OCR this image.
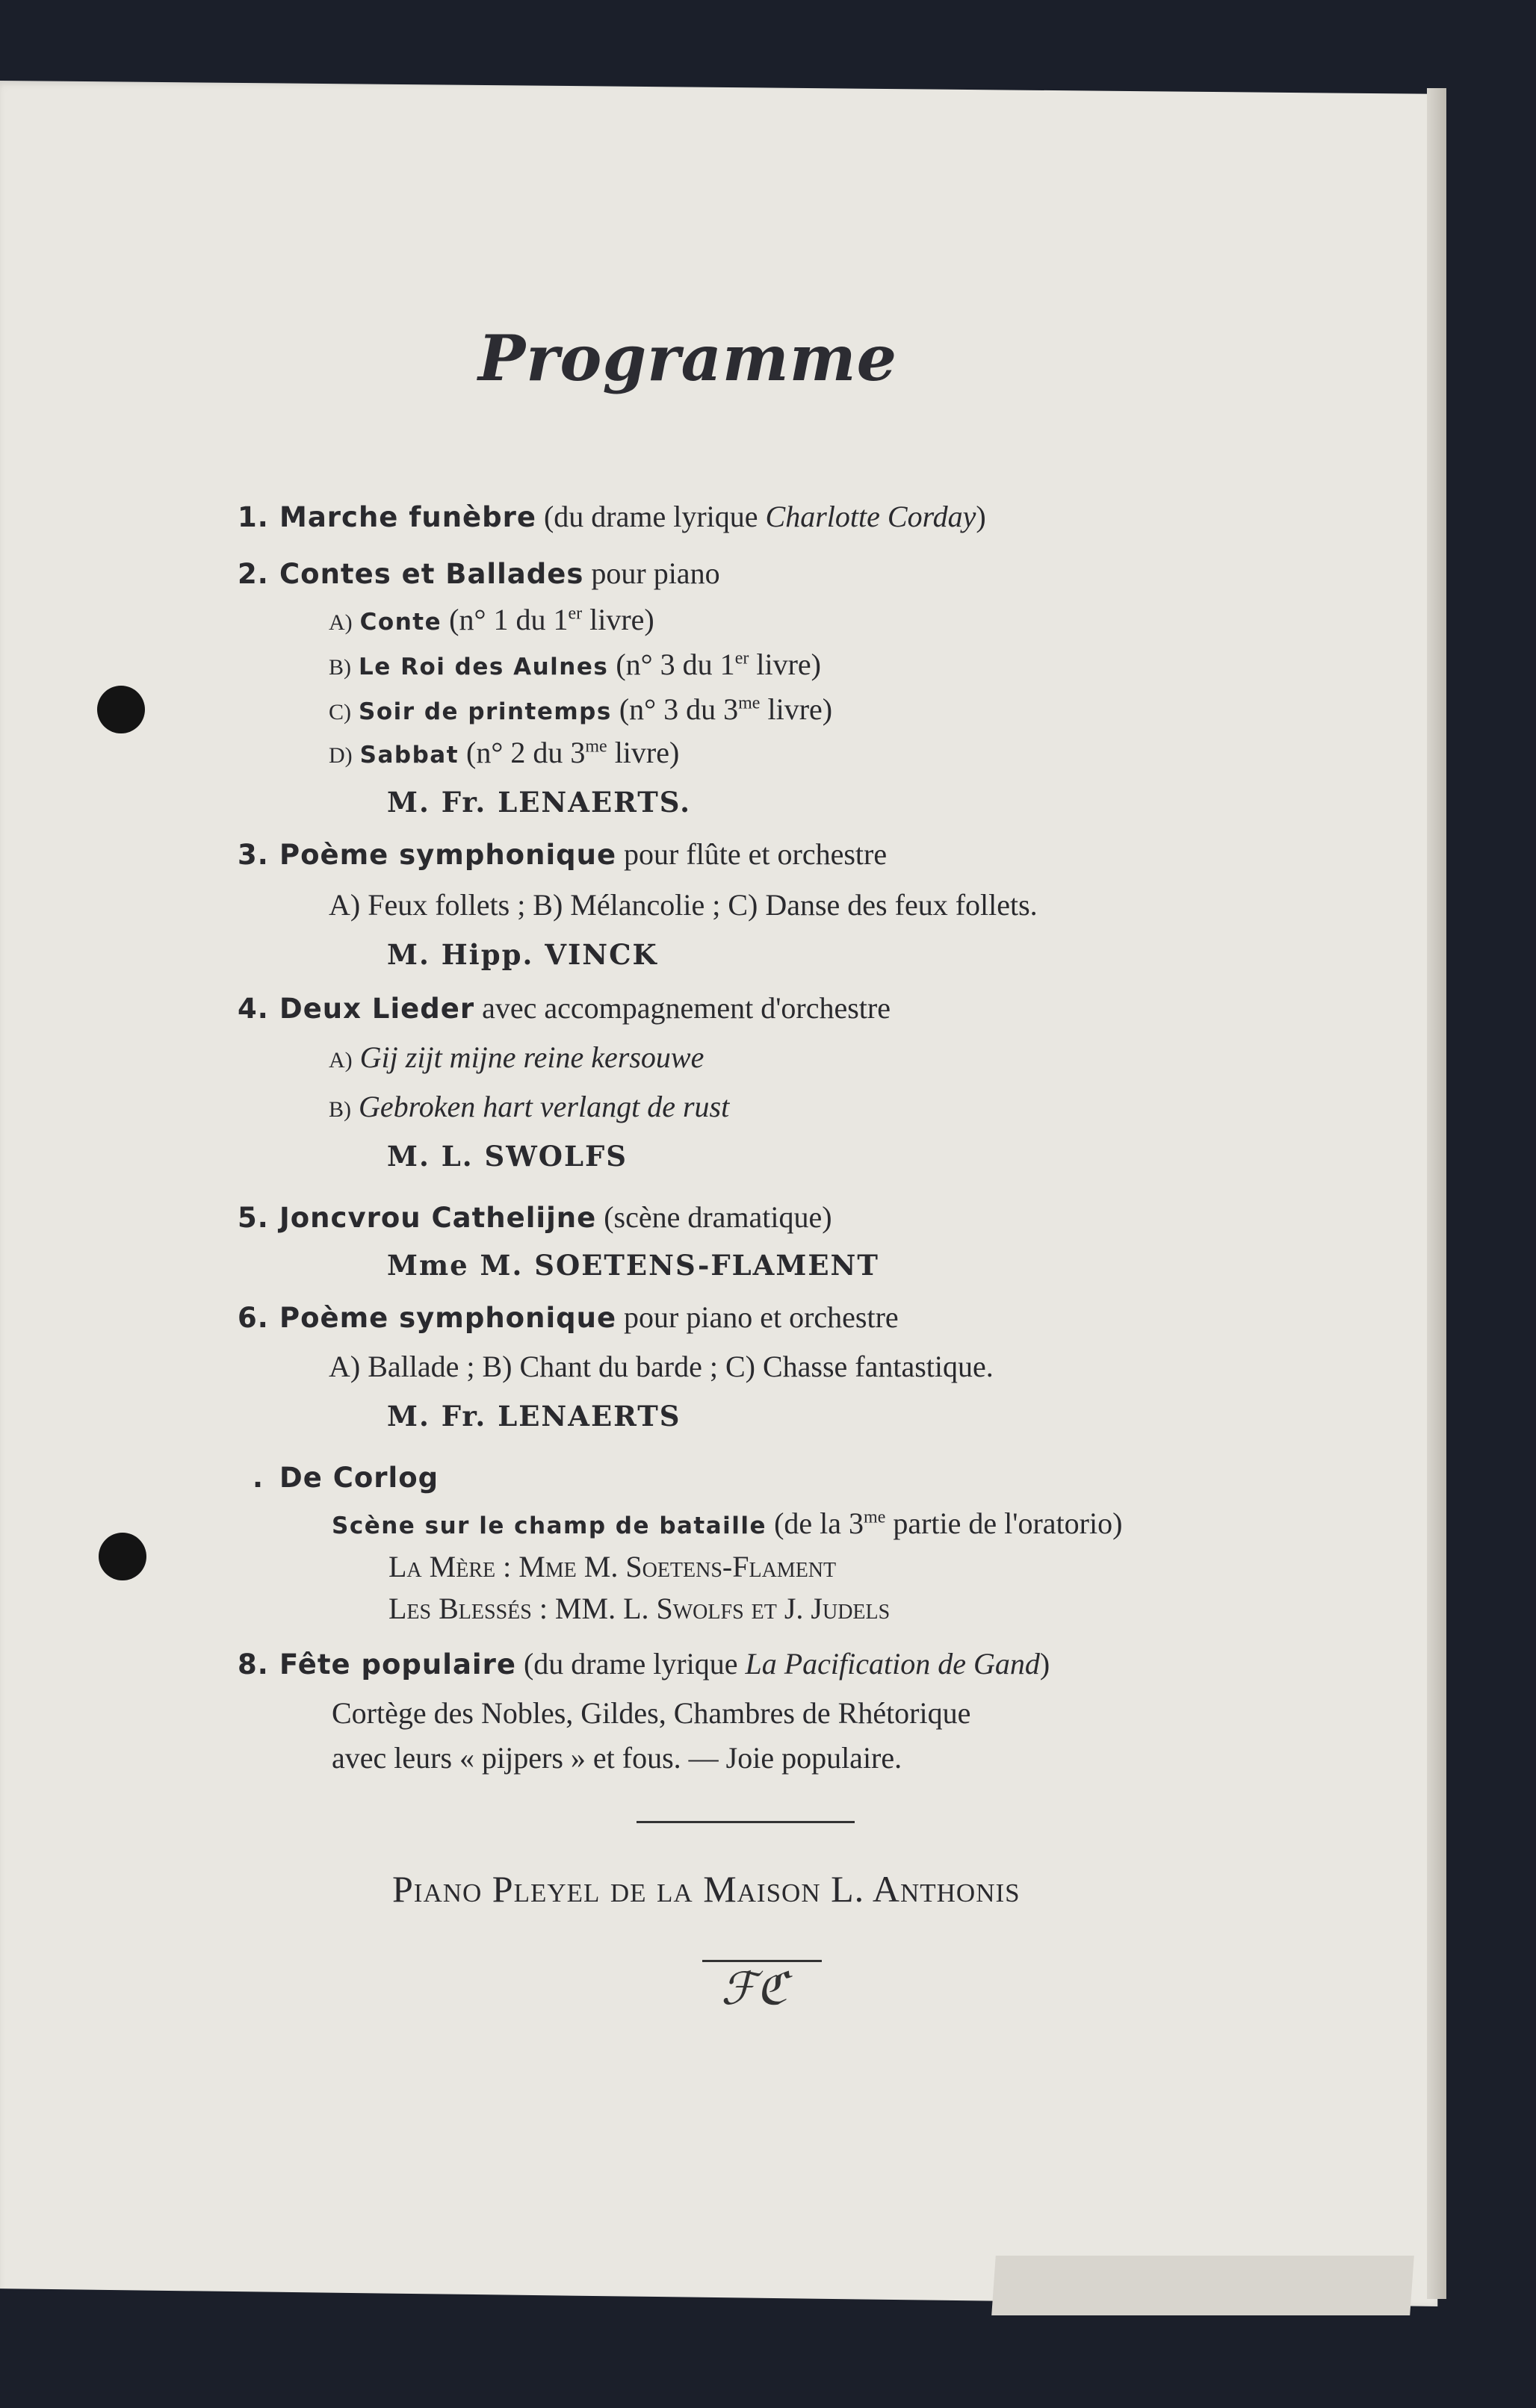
Programme
1. Marche funèbre (du drame lyrique Charlotte Corday)
2. Contes et Ballades pour piano
A) Conte (n° 1 du 1er livre)
B) Le Roi des Aulnes (n° 3 du 1er livre)
C) Soir de printemps (n° 3 du $3^{me}$ livre)
D) Sabbat (n° 2 du $3^{me}$ livre)
M. Fr. LENAERTS.
3. Poème symphonique pour flûte et orchestre
A) Feux follets ; B) Mélancolie ; C) Danse des feux follets.
M. Hipp. VINCK
4. Deux Lieder avec accompagnement d'orchestre
A) Gij zijt mijne reine kersouwe
B) Gebroken hart verlangt de rust
M. L. SWOLFS
5. Joncvrou Cathelijne (scène dramatique)
Mme M. SOETENS-FLAMENT
6. Poème symphonique pour piano et orchestre
A) Ballade ; B) Chant du barde ; C) Chasse fantastique.
M. Fr. LENAERTS
. De Corlog
Scène sur le champ de bataille (de la $3^{me}$ partie de l'oratorio)
La Mère : Mme M. Soetens-Flament
Les Blessés : MM. L. Swolfs et J. Judels
8. Fête populaire (du drame lyrique La Pacification de Gand)
Cortège des Nobles, Gildes, Chambres de Rhétorique
avec leurs « pijpers » et fous. — Joie populaire.
Piano Pleyel de la Maison L. Anthonis
ℱℭ
